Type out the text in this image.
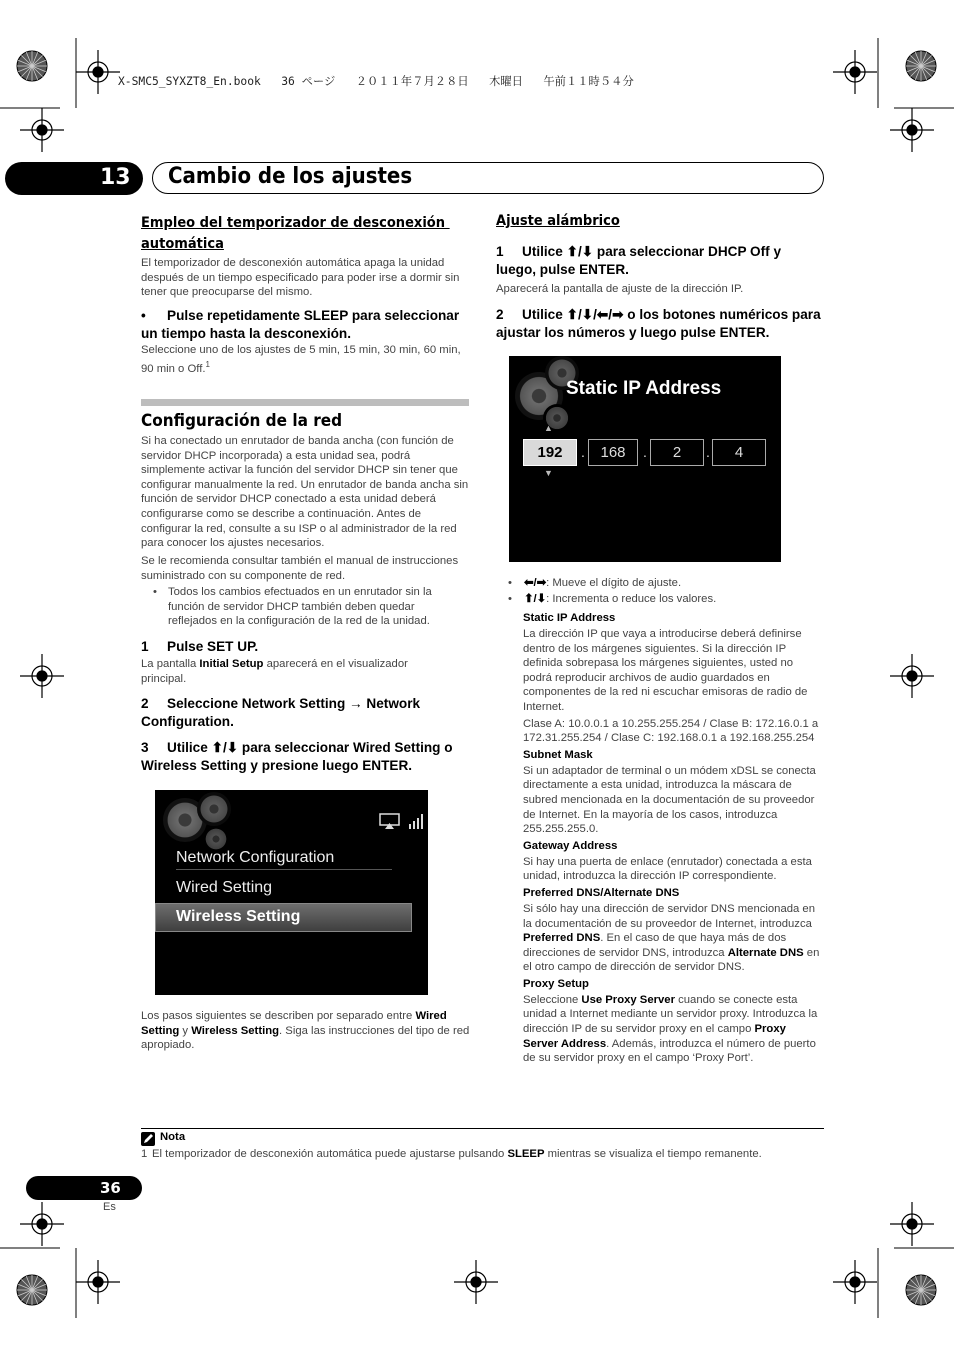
X-SMC5_SYXZT8_En.book   36 ページ   ２０１１年７月２８日   木曜日   午前１１時５４分
13 Cambio de los ajustes
Empleo del temporizador de desconexión
automática
El temporizador de desconexión automática apaga la unidad después de un tiempo especificado para poder irse a dormir sin tener que preocuparse del mismo.
• Pulse repetidamente SLEEP para seleccionar un tiempo hasta la desconexión.
Seleccione uno de los ajustes de 5 min, 15 min, 30 min, 60 min, 90 min o Off.$^1$
Configuración de la red
Si ha conectado un enrutador de banda ancha (con función de servidor DHCP incorporada) a esta unidad sea, podrá simplemente activar la función del servidor DHCP sin tener que configurar manualmente la red. Un enrutador de banda ancha sin función de servidor DHCP conectado a esta unidad deberá configurarse como se describe a continuación. Antes de configurar la red, consulte a su ISP o al administrador de la red para conocer los ajustes necesarios.
Se le recomienda consultar también el manual de instrucciones suministrado con su componente de red.
• Todos los cambios efectuados en un enrutador sin la función de servidor DHCP también deben quedar reflejados en la configuración de la red de la unidad.
1 Pulse SET UP.
La pantalla Initial Setup aparecerá en el visualizador principal.
2 Seleccione Network Setting → Network Configuration.
3 Utilice ⬆/⬇ para seleccionar Wired Setting o Wireless Setting y presione luego ENTER.
Network Configuration
Wired Setting
Wireless Setting
Los pasos siguientes se describen por separado entre Wired Setting y Wireless Setting. Siga las instrucciones del tipo de red apropiado.
Ajuste alámbrico
1 Utilice ⬆/⬇ para seleccionar DHCP Off y luego, pulse ENTER.
Aparecerá la pantalla de ajuste de la dirección IP.
2 Utilice ⬆/⬇/⬅/➡ o los botones numéricos para ajustar los números y luego pulse ENTER.
Static IP Address
▲
▼
192	.	168	.	2	.	4
• ⬅/➡: Mueve el dígito de ajuste.
• ⬆/⬇: Incrementa o reduce los valores.
Static IP Address
La dirección IP que vaya a introducirse deberá definirse dentro de los márgenes siguientes. Si la dirección IP definida sobrepasa los márgenes siguientes, usted no podrá reproducir archivos de audio guardados en componentes de la red ni escuchar emisoras de radio de Internet.
Clase A: 10.0.0.1 a 10.255.255.254 / Clase B: 172.16.0.1 a 172.31.255.254 / Clase C: 192.168.0.1 a 192.168.255.254
Subnet Mask
Si un adaptador de terminal o un módem xDSL se conecta directamente a esta unidad, introduzca la máscara de subred mencionada en la documentación de su proveedor de Internet. En la mayoría de los casos, introduzca 255.255.255.0.
Gateway Address
Si hay una puerta de enlace (enrutador) conectada a esta unidad, introduzca la dirección IP correspondiente.
Preferred DNS/Alternate DNS
Si sólo hay una dirección de servidor DNS mencionada en la documentación de su proveedor de Internet, introduzca Preferred DNS. En el caso de que haya más de dos direcciones de servidor DNS, introduzca Alternate DNS en el otro campo de dirección de servidor DNS.
Proxy Setup
Seleccione Use Proxy Server cuando se conecte esta unidad a Internet mediante un servidor proxy. Introduzca la dirección IP de su servidor proxy en el campo Proxy Server Address. Además, introduzca el número de puerto de su servidor proxy en el campo ‘Proxy Port’.
Nota
1 El temporizador de desconexión automática puede ajustarse pulsando SLEEP mientras se visualiza el tiempo remanente.
36
Es
